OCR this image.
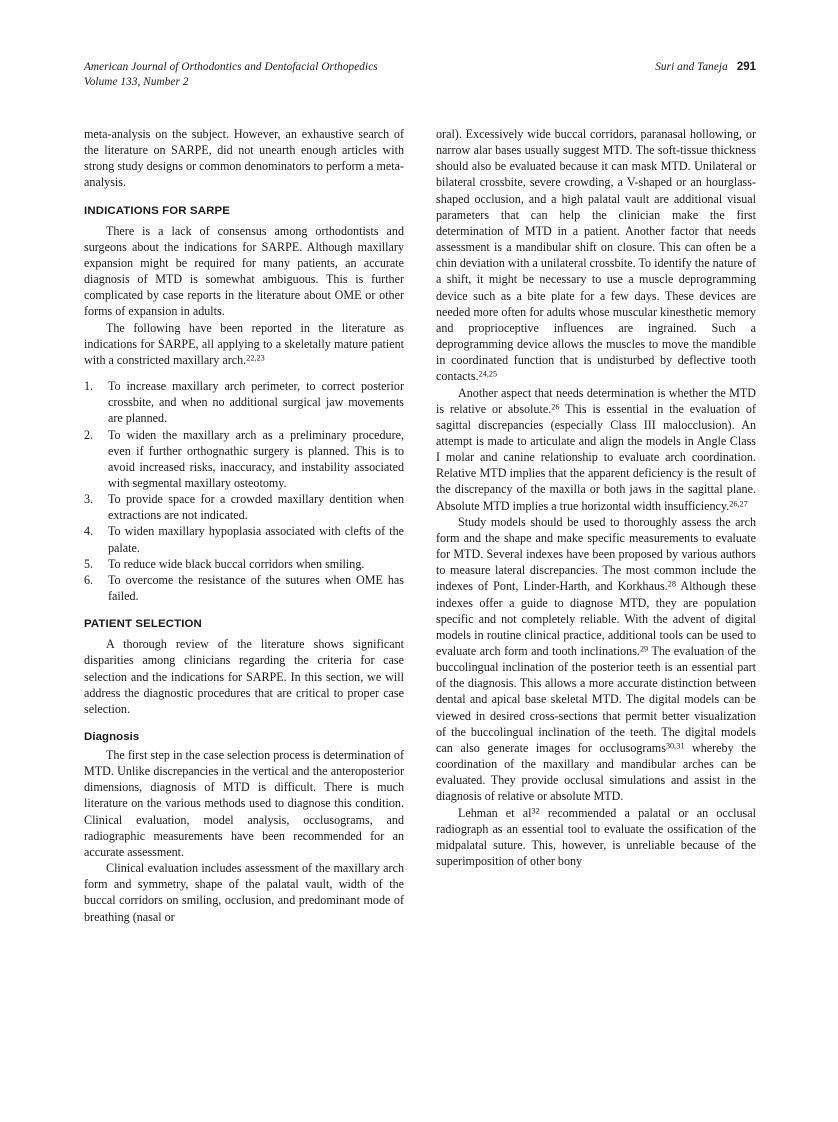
American Journal of Orthodontics and Dentofacial Orthopedics
Volume 133, Number 2
Suri and Taneja 291

meta-analysis on the subject. However, an exhaustive search of the literature on SARPE, did not unearth enough articles with strong study designs or common denominators to perform a meta-analysis.

INDICATIONS FOR SARPE

There is a lack of consensus among orthodontists and surgeons about the indications for SARPE. Although maxillary expansion might be required for many patients, an accurate diagnosis of MTD is somewhat ambiguous. This is further complicated by case reports in the literature about OME or other forms of expansion in adults.

The following have been reported in the literature as indications for SARPE, all applying to a skeletally mature patient with a constricted maxillary arch.$^{22,23}$

To increase maxillary arch perimeter, to correct posterior crossbite, and when no additional surgical jaw movements are planned.
To widen the maxillary arch as a preliminary procedure, even if further orthognathic surgery is planned. This is to avoid increased risks, inaccuracy, and instability associated with segmental maxillary osteotomy.
To provide space for a crowded maxillary dentition when extractions are not indicated.
To widen maxillary hypoplasia associated with clefts of the palate.
To reduce wide black buccal corridors when smiling.
To overcome the resistance of the sutures when OME has failed.
PATIENT SELECTION

A thorough review of the literature shows significant disparities among clinicians regarding the criteria for case selection and the indications for SARPE. In this section, we will address the diagnostic procedures that are critical to proper case selection.

Diagnosis

The first step in the case selection process is determination of MTD. Unlike discrepancies in the vertical and the anteroposterior dimensions, diagnosis of MTD is difficult. There is much literature on the various methods used to diagnose this condition. Clinical evaluation, model analysis, occlusograms, and radiographic measurements have been recommended for an accurate assessment.

Clinical evaluation includes assessment of the maxillary arch form and symmetry, shape of the palatal vault, width of the buccal corridors on smiling, occlusion, and predominant mode of breathing (nasal or

oral). Excessively wide buccal corridors, paranasal hollowing, or narrow alar bases usually suggest MTD. The soft-tissue thickness should also be evaluated because it can mask MTD. Unilateral or bilateral crossbite, severe crowding, a V-shaped or an hourglass-shaped occlusion, and a high palatal vault are additional visual parameters that can help the clinician make the first determination of MTD in a patient. Another factor that needs assessment is a mandibular shift on closure. This can often be a chin deviation with a unilateral crossbite. To identify the nature of a shift, it might be necessary to use a muscle deprogramming device such as a bite plate for a few days. These devices are needed more often for adults whose muscular kinesthetic memory and proprioceptive influences are ingrained. Such a deprogramming device allows the muscles to move the mandible in coordinated function that is undisturbed by deflective tooth contacts.$^{24,25}$

Another aspect that needs determination is whether the MTD is relative or absolute.$^{26}$ This is essential in the evaluation of sagittal discrepancies (especially Class III malocclusion). An attempt is made to articulate and align the models in Angle Class I molar and canine relationship to evaluate arch coordination. Relative MTD implies that the apparent deficiency is the result of the discrepancy of the maxilla or both jaws in the sagittal plane. Absolute MTD implies a true horizontal width insufficiency.$^{26,27}$

Study models should be used to thoroughly assess the arch form and the shape and make specific measurements to evaluate for MTD. Several indexes have been proposed by various authors to measure lateral discrepancies. The most common include the indexes of Pont, Linder-Harth, and Korkhaus.$^{28}$ Although these indexes offer a guide to diagnose MTD, they are population specific and not completely reliable. With the advent of digital models in routine clinical practice, additional tools can be used to evaluate arch form and tooth inclinations.$^{29}$ The evaluation of the buccolingual inclination of the posterior teeth is an essential part of the diagnosis. This allows a more accurate distinction between dental and apical base skeletal MTD. The digital models can be viewed in desired cross-sections that permit better visualization of the buccolingual inclination of the teeth. The digital models can also generate images for occlusograms$^{30,31}$ whereby the coordination of the maxillary and mandibular arches can be evaluated. They provide occlusal simulations and assist in the diagnosis of relative or absolute MTD.

Lehman et $al^{32}$ recommended a palatal or an occlusal radiograph as an essential tool to evaluate the ossification of the midpalatal suture. This, however, is unreliable because of the superimposition of other bony
